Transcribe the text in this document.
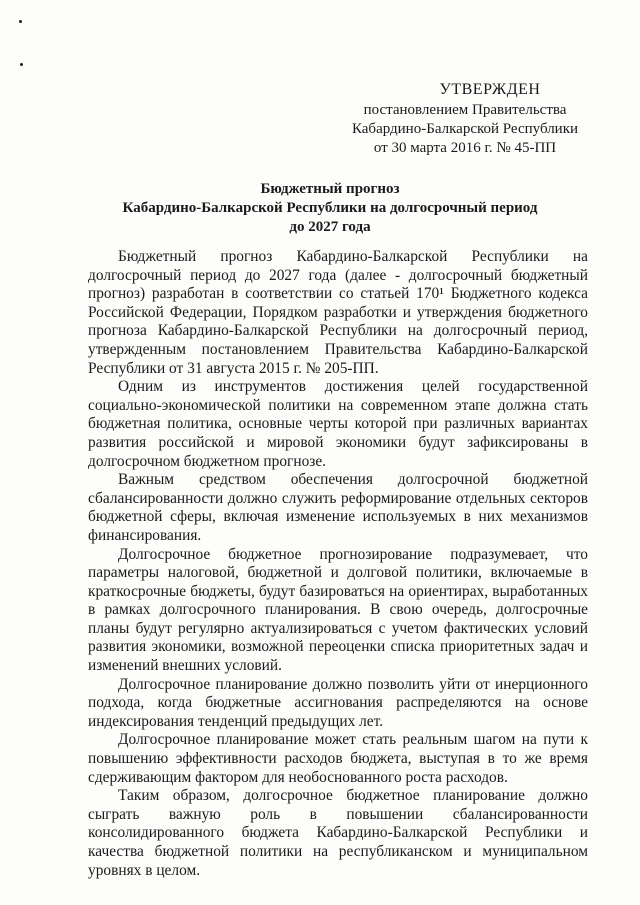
УТВЕРЖДЕН
постановлением Правительства
Кабардино-Балкарской Республики
от 30 марта 2016 г. № 45-ПП
Бюджетный прогноз
Кабардино-Балкарской Республики на долгосрочный период
до 2027 года

Бюджетный прогноз Кабардино-Балкарской Республики на долгосрочный период до 2027 года (далее - долгосрочный бюджетный прогноз) разработан в соответствии со статьей 170¹ Бюджетного кодекса Российской Федерации, Порядком разработки и утверждения бюджетного прогноза Кабардино-Балкарской Республики на долгосрочный период, утвержденным постановлением Правительства Кабардино-Балкарской Республики от 31 августа 2015 г. № 205-ПП.

Одним из инструментов достижения целей государственной социально-экономической политики на современном этапе должна стать бюджетная политика, основные черты которой при различных вариантах развития российской и мировой экономики будут зафиксированы в долгосрочном бюджетном прогнозе.

Важным средством обеспечения долгосрочной бюджетной сбалансированности должно служить реформирование отдельных секторов бюджетной сферы, включая изменение используемых в них механизмов финансирования.

Долгосрочное бюджетное прогнозирование подразумевает, что параметры налоговой, бюджетной и долговой политики, включаемые в краткосрочные бюджеты, будут базироваться на ориентирах, выработанных в рамках долгосрочного планирования. В свою очередь, долгосрочные планы будут регулярно актуализироваться с учетом фактических условий развития экономики, возможной переоценки списка приоритетных задач и изменений внешних условий.

Долгосрочное планирование должно позволить уйти от инерционного подхода, когда бюджетные ассигнования распределяются на основе индексирования тенденций предыдущих лет.

Долгосрочное планирование может стать реальным шагом на пути к повышению эффективности расходов бюджета, выступая в то же время сдерживающим фактором для необоснованного роста расходов.

Таким образом, долгосрочное бюджетное планирование должно сыграть важную роль в повышении сбалансированности консолидированного бюджета Кабардино-Балкарской Республики и качества бюджетной политики на республиканском и муниципальном уровнях в целом.
